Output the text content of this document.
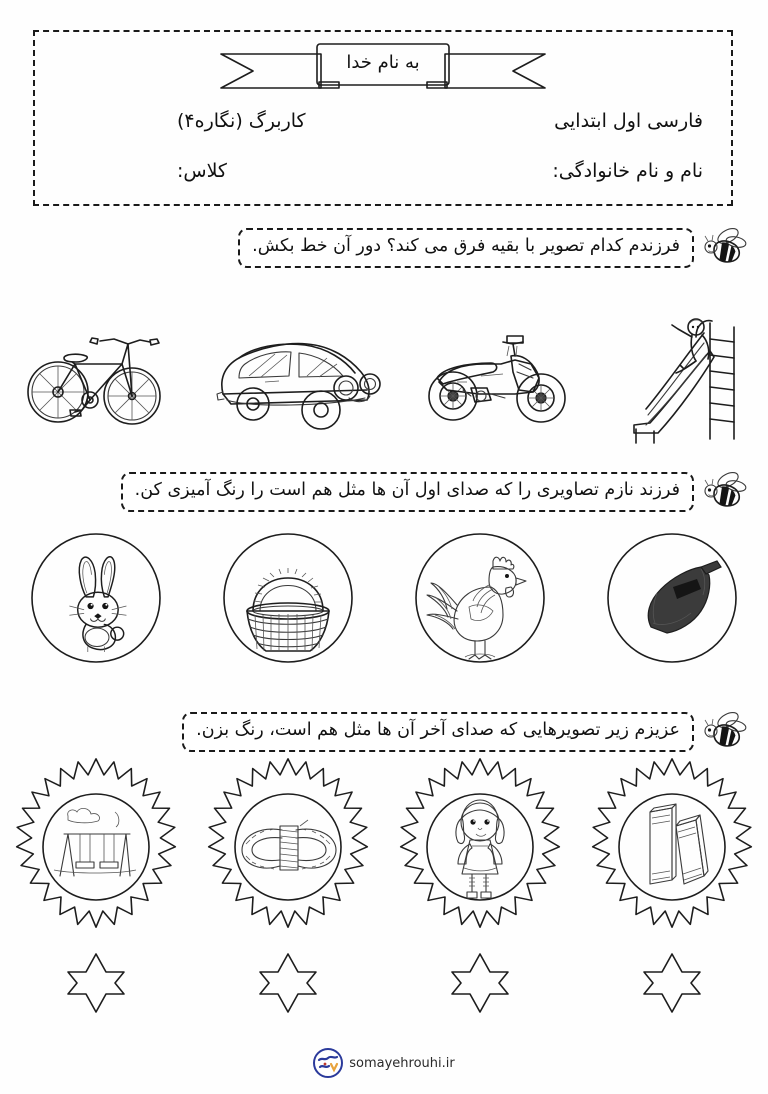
به نام خدا
فارسی اول ابتدایی
کاربرگ (نگاره۴)
نام و نام خانوادگی:
کلاس:
فرزندم کدام تصویر با بقیه فرق می کند؟ دور آن خط بکش.
فرزند نازم تصاویری را که صدای اول آن ها مثل هم است را رنگ آمیزی کن.
عزیزم زیر تصویرهایی که صدای آخر آن ها مثل هم است، رنگ بزن.
somayehrouhi.ir
